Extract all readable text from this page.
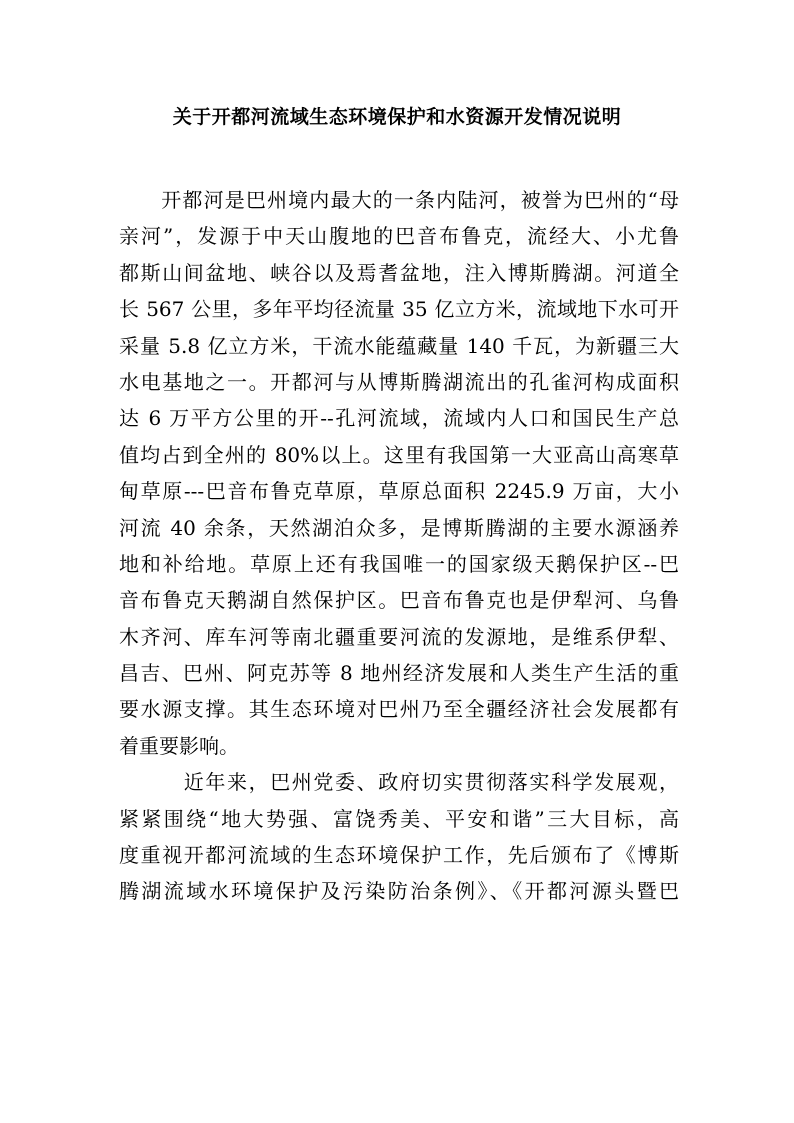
关于开都河流域生态环境保护和水资源开发情况说明
　　开都河是巴州境内最大的一条内陆河，被誉为巴州的“母
亲河”，发源于中天山腹地的巴音布鲁克，流经大、小尤鲁
都斯山间盆地、峡谷以及焉耆盆地，注入博斯腾湖。河道全
长 567 公里，多年平均径流量 35 亿立方米，流域地下水可开
采量 5.8 亿立方米，干流水能蕴藏量 140 千瓦，为新疆三大
水电基地之一。开都河与从博斯腾湖流出的孔雀河构成面积
达 6 万平方公里的开--孔河流域，流域内人口和国民生产总
值均占到全州的 80%以上。这里有我国第一大亚高山高寒草
甸草原---巴音布鲁克草原，草原总面积 2245.9 万亩，大小
河流 40 余条，天然湖泊众多，是博斯腾湖的主要水源涵养
地和补给地。草原上还有我国唯一的国家级天鹅保护区--巴
音布鲁克天鹅湖自然保护区。巴音布鲁克也是伊犁河、乌鲁
木齐河、库车河等南北疆重要河流的发源地，是维系伊犁、
昌吉、巴州、阿克苏等 8 地州经济发展和人类生产生活的重
要水源支撑。其生态环境对巴州乃至全疆经济社会发展都有
着重要影响。
　　　近年来，巴州党委、政府切实贯彻落实科学发展观，
紧紧围绕“地大势强、富饶秀美、平安和谐”三大目标，高
度重视开都河流域的生态环境保护工作，先后颁布了《博斯
腾湖流域水环境保护及污染防治条例》、《开都河源头暨巴
